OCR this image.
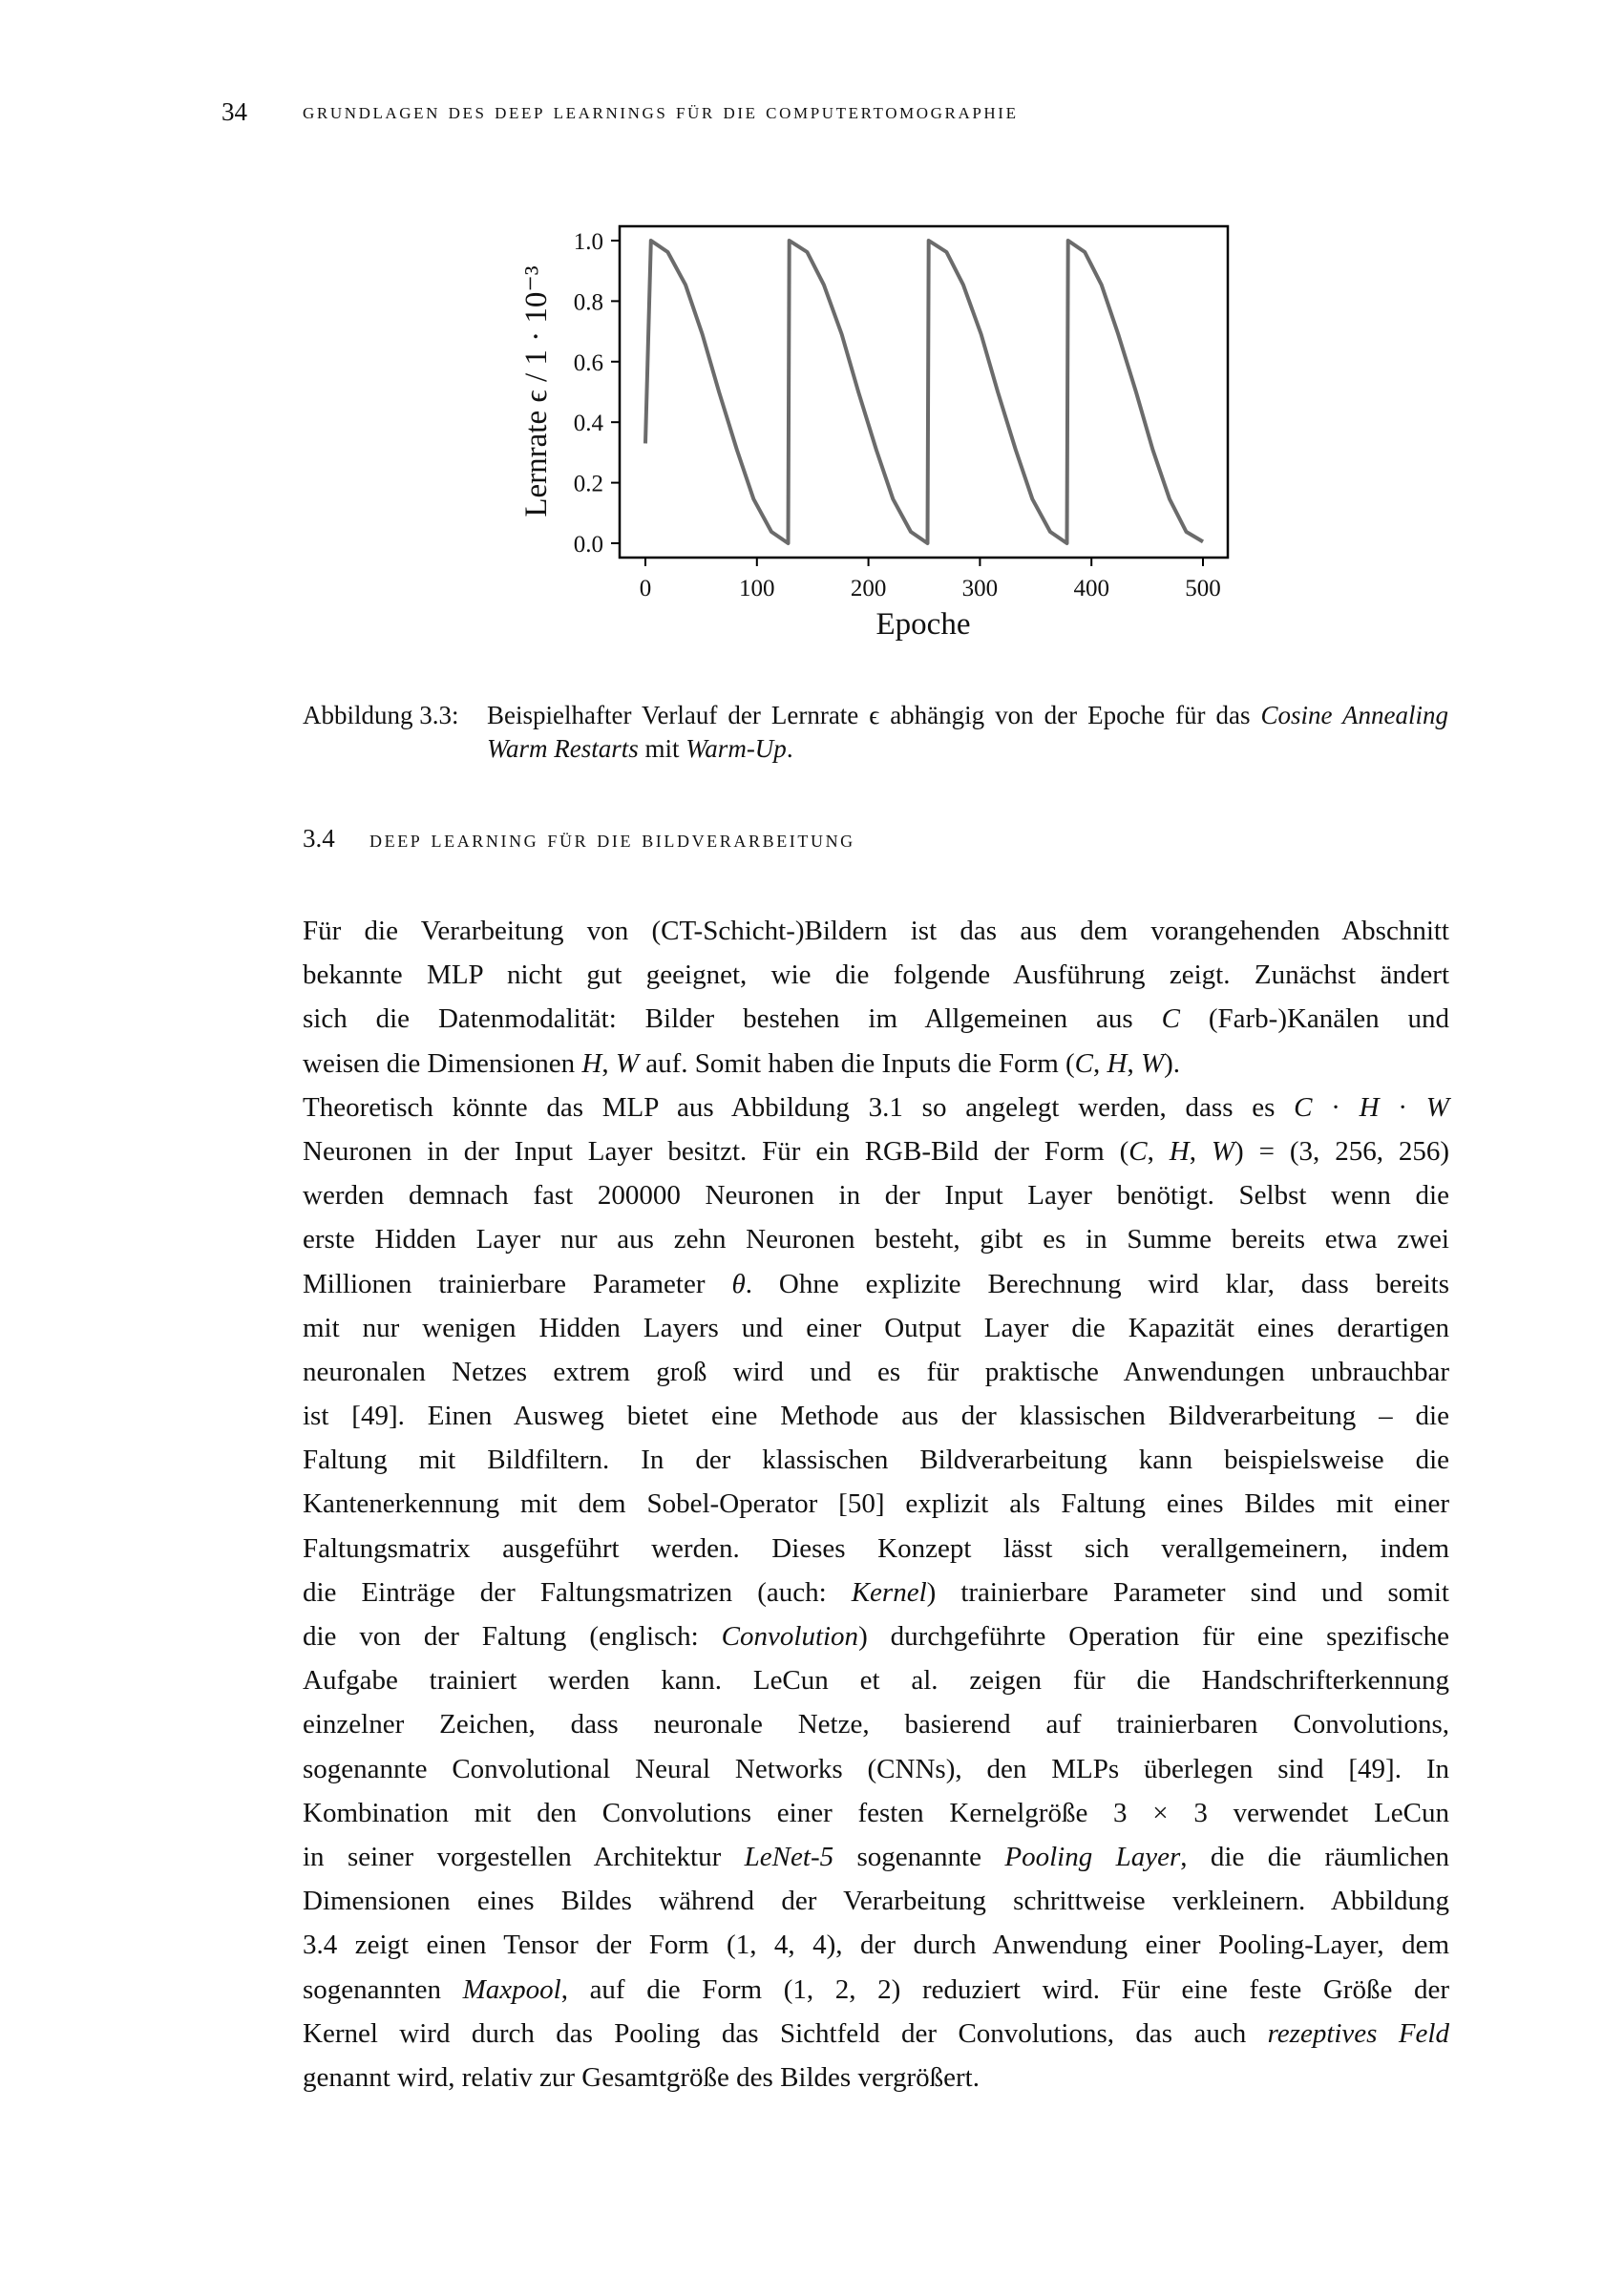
34 grundlagen des deep learnings für die computertomographie
0	100	200	300	400	500
0.0
0.2
0.4
0.6
0.8
1.0
Epoche
Lernrate ϵ / 1 · 10⁻³
Abbildung 3.3:	Beispielhafter Verlauf der Lernrate ϵ abhängig von der Epoche für das Cosine Annealing Warm Restarts mit Warm-Up.
3.4 deep learning für die bildverarbeitung
Für die Verarbeitung von (CT-Schicht-)Bildern ist das aus dem vorangehenden Abschnitt
bekannte MLP nicht gut geeignet, wie die folgende Ausführung zeigt. Zunächst ändert
sich die Datenmodalität: Bilder bestehen im Allgemeinen aus C (Farb-)Kanälen und
weisen die Dimensionen H, W auf. Somit haben die Inputs die Form (C, H, W).
Theoretisch könnte das MLP aus Abbildung 3.1 so angelegt werden, dass es C · H · W
Neuronen in der Input Layer besitzt. Für ein RGB-Bild der Form (C, H, W) = (3, 256, 256)
werden demnach fast 200000 Neuronen in der Input Layer benötigt. Selbst wenn die
erste Hidden Layer nur aus zehn Neuronen besteht, gibt es in Summe bereits etwa zwei
Millionen trainierbare Parameter θ. Ohne explizite Berechnung wird klar, dass bereits
mit nur wenigen Hidden Layers und einer Output Layer die Kapazität eines derartigen
neuronalen Netzes extrem groß wird und es für praktische Anwendungen unbrauchbar
ist [49]. Einen Ausweg bietet eine Methode aus der klassischen Bildverarbeitung – die
Faltung mit Bildfiltern. In der klassischen Bildverarbeitung kann beispielsweise die
Kantenerkennung mit dem Sobel-Operator [50] explizit als Faltung eines Bildes mit einer
Faltungsmatrix ausgeführt werden. Dieses Konzept lässt sich verallgemeinern, indem
die Einträge der Faltungsmatrizen (auch: Kernel) trainierbare Parameter sind und somit
die von der Faltung (englisch: Convolution) durchgeführte Operation für eine spezifische
Aufgabe trainiert werden kann. LeCun et al. zeigen für die Handschrifterkennung
einzelner Zeichen, dass neuronale Netze, basierend auf trainierbaren Convolutions,
sogenannte Convolutional Neural Networks (CNNs), den MLPs überlegen sind [49]. In
Kombination mit den Convolutions einer festen Kernelgröße 3 × 3 verwendet LeCun
in seiner vorgestellen Architektur LeNet-5 sogenannte Pooling Layer, die die räumlichen
Dimensionen eines Bildes während der Verarbeitung schrittweise verkleinern. Abbildung
3.4 zeigt einen Tensor der Form (1, 4, 4), der durch Anwendung einer Pooling-Layer, dem
sogenannten Maxpool, auf die Form (1, 2, 2) reduziert wird. Für eine feste Größe der
Kernel wird durch das Pooling das Sichtfeld der Convolutions, das auch rezeptives Feld
genannt wird, relativ zur Gesamtgröße des Bildes vergrößert.
